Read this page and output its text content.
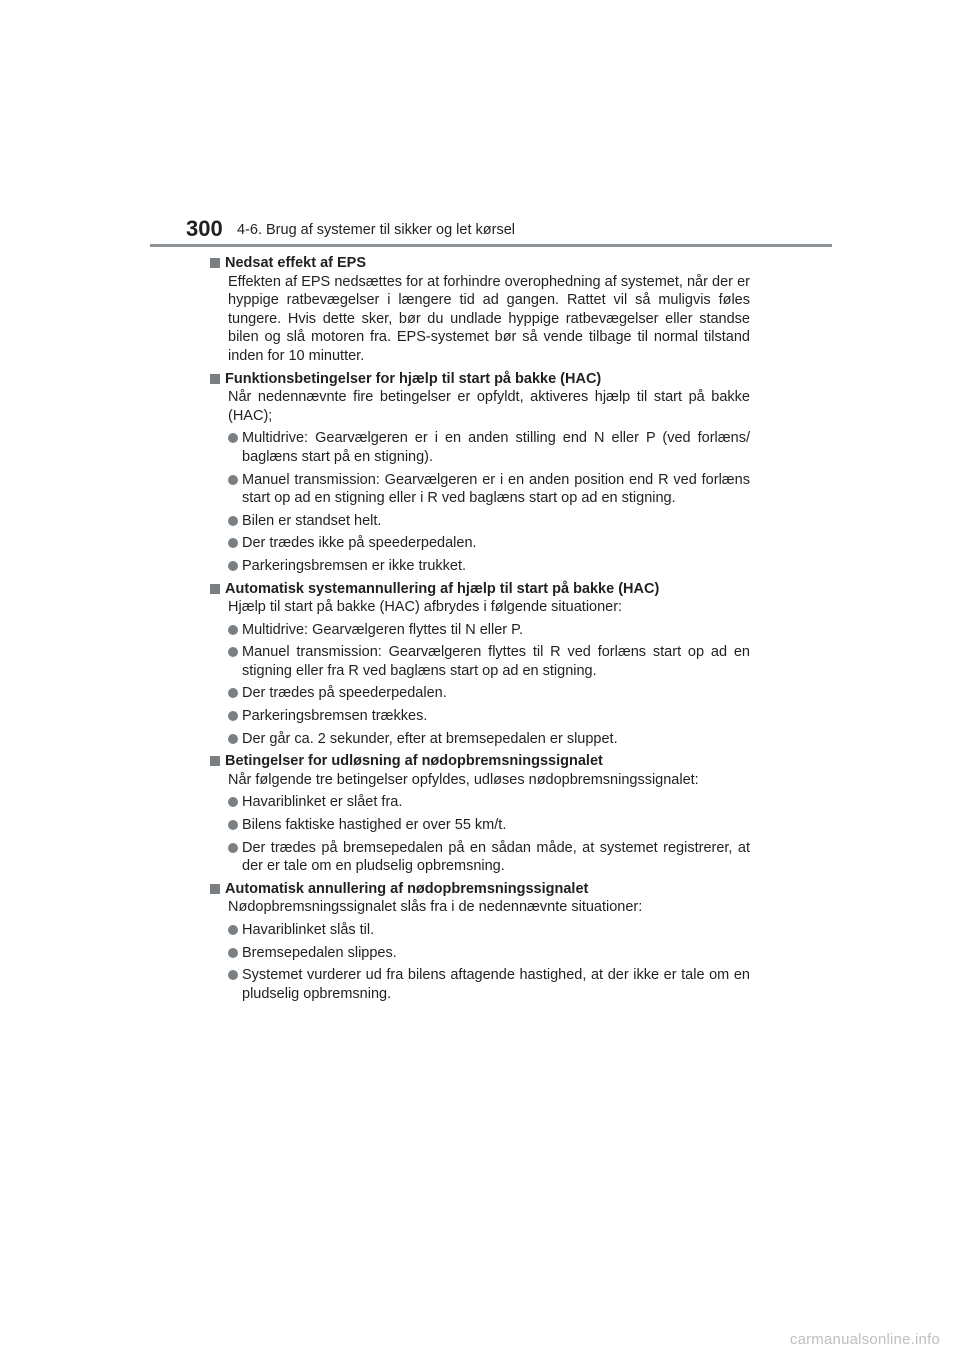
300 4-6. Brug af systemer til sikker og let kørsel
Nedsat effekt af EPS
Effekten af EPS nedsættes for at forhindre overophedning af systemet, når der er hyppige ratbevægelser i længere tid ad gangen. Rattet vil så muligvis føles tungere. Hvis dette sker, bør du undlade hyppige ratbevægelser eller standse bilen og slå motoren fra. EPS-systemet bør så vende tilbage til normal tilstand inden for 10 minutter.
Funktionsbetingelser for hjælp til start på bakke (HAC)
Når nedennævnte fire betingelser er opfyldt, aktiveres hjælp til start på bakke (HAC);
Multidrive: Gearvælgeren er i en anden stilling end N eller P (ved forlæns/ baglæns start på en stigning).
Manuel transmission: Gearvælgeren er i en anden position end R ved forlæns start op ad en stigning eller i R ved baglæns start op ad en stigning.
Bilen er standset helt.
Der trædes ikke på speederpedalen.
Parkeringsbremsen er ikke trukket.
Automatisk systemannullering af hjælp til start på bakke (HAC)
Hjælp til start på bakke (HAC) afbrydes i følgende situationer:
Multidrive: Gearvælgeren flyttes til N eller P.
Manuel transmission: Gearvælgeren flyttes til R ved forlæns start op ad en stigning eller fra R ved baglæns start op ad en stigning.
Der trædes på speederpedalen.
Parkeringsbremsen trækkes.
Der går ca. 2 sekunder, efter at bremsepedalen er sluppet.
Betingelser for udløsning af nødopbremsningssignalet
Når følgende tre betingelser opfyldes, udløses nødopbremsningssignalet:
Havariblinket er slået fra.
Bilens faktiske hastighed er over 55 km/t.
Der trædes på bremsepedalen på en sådan måde, at systemet registrerer, at der er tale om en pludselig opbremsning.
Automatisk annullering af nødopbremsningssignalet
Nødopbremsningssignalet slås fra i de nedennævnte situationer:
Havariblinket slås til.
Bremsepedalen slippes.
Systemet vurderer ud fra bilens aftagende hastighed, at der ikke er tale om en pludselig opbremsning.
carmanualsonline.info
